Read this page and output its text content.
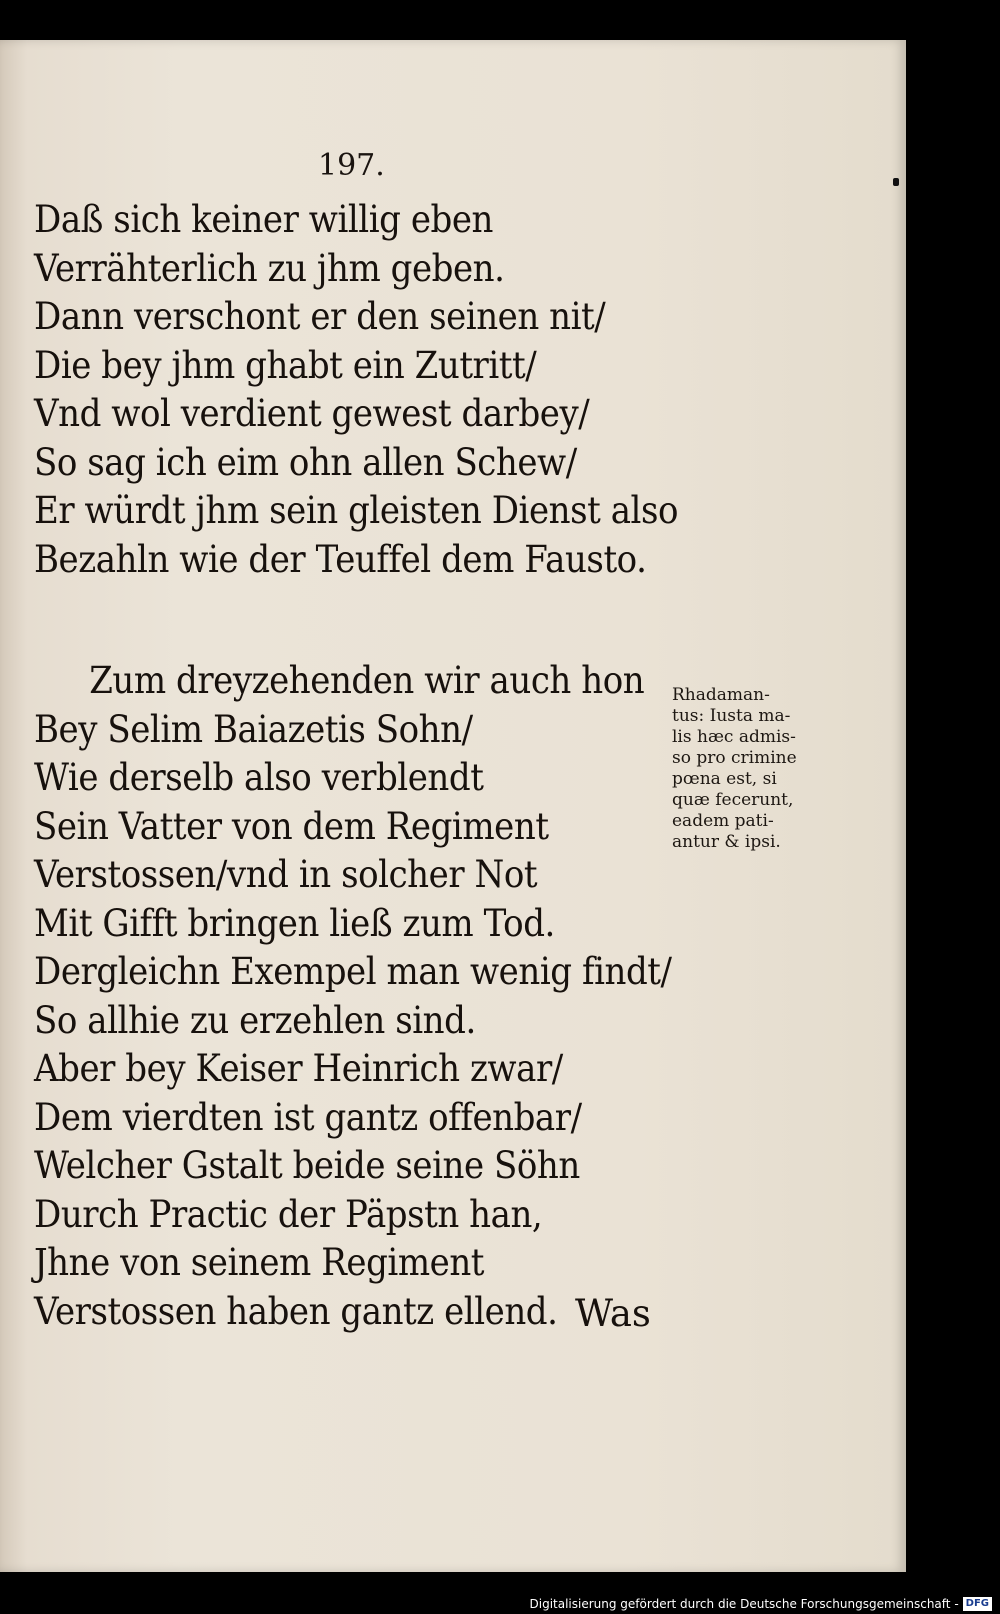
197.
Daß sich keiner willig eben
Verrähterlich zu jhm geben.
Dann verschont er den seinen nit/
Die bey jhm ghabt ein Zutritt/
Vnd wol verdient gewest darbey/
So sag ich eim ohn allen Schew/
Er würdt jhm sein gleisten Dienst also
Bezahln wie der Teuffel dem Fausto.
Zum dreyzehenden wir auch hon
Bey Selim Baiazetis Sohn/
Wie derselb also verblendt
Sein Vatter von dem Regiment
Verstossen/vnd in solcher Not
Mit Gifft bringen ließ zum Tod.
Dergleichn Exempel man wenig findt/
So allhie zu erzehlen sind.
Aber bey Keiser Heinrich zwar/
Dem vierdten ist gantz offenbar/
Welcher Gstalt beide seine Söhn
Durch Practic der Päpstn han,
Jhne von seinem Regiment
Verstossen haben gantz ellend.
Rhadaman-
tus: Iusta ma-
lis hæc admis-
so pro crimine
pœna est, si
quæ fecerunt,
eadem pati-
antur & ipsi.
Was
Digitalisierung gefördert durch die Deutsche Forschungsgemeinschaft - DFG
